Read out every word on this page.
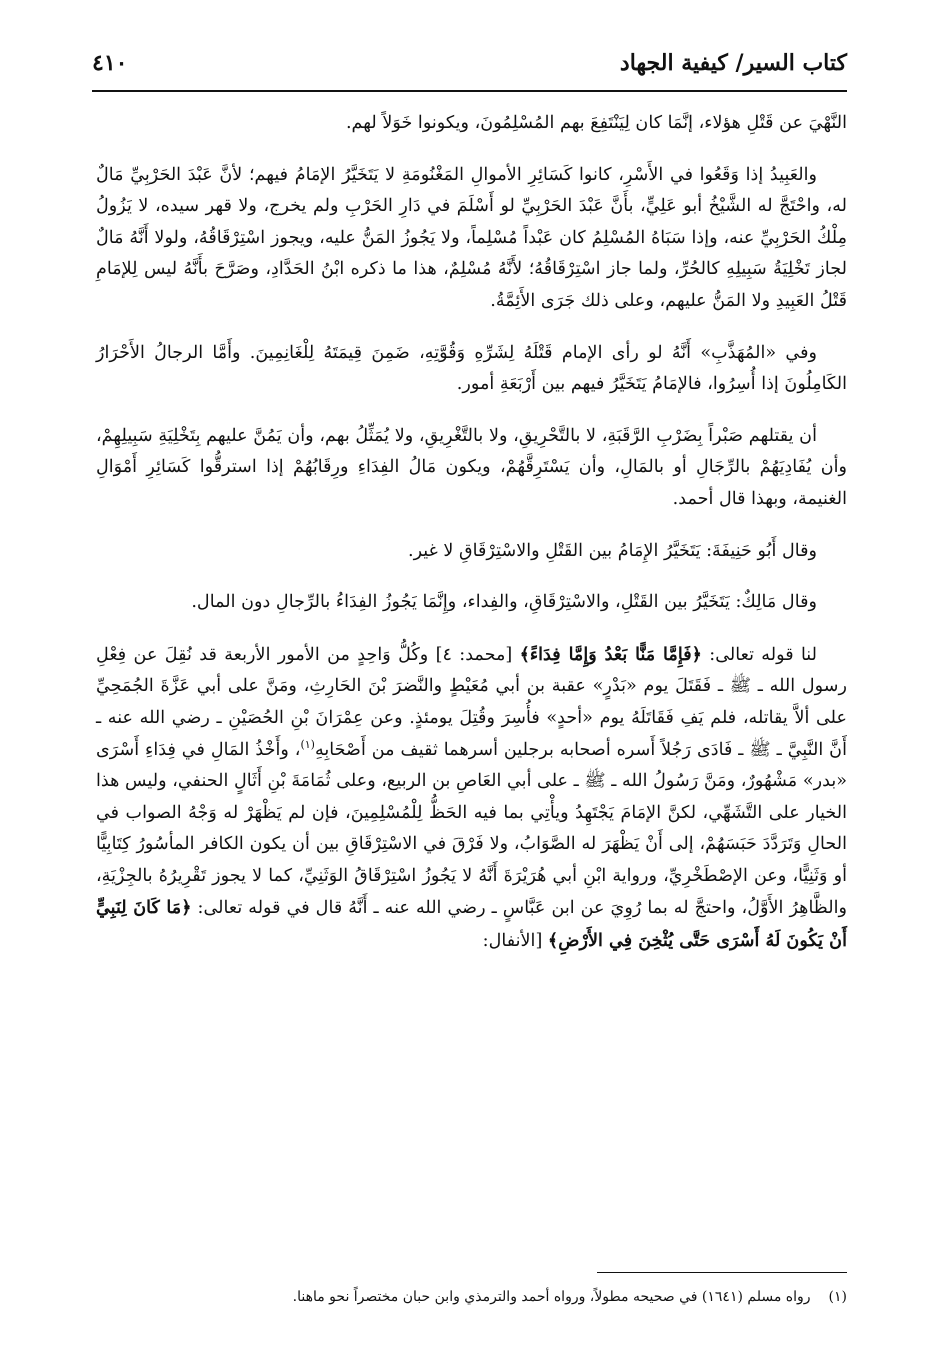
كتاب السير/ كيفية الجهاد
٤١٠

النَّهْيَ عن قَتْلِ هؤلاء، إنَّمَا كان لِيَنْتَفِعَ بهم المُسْلِمُونَ، ويكونوا خَوَلاً لهم.

والعَبِيدُ إذا وَقَعُوا في الأَسْرِ، كانوا كَسَائِرِ الأموالِ المَغْنُومَةِ لا يَتَخَيَّرُ الإمَامُ فيهم؛ لأنَّ عَبْدَ الحَرْبِيِّ مَالٌ له، واحْتَجَّ له الشَّيْخُ أبو عَلِيٍّ، بأَنَّ عَبْدَ الحَرْبِيِّ لو أَسْلَمَ في دَارِ الحَرْبِ ولم يخرج، ولا قهر سيده، لا يَزُولُ مِلْكُ الحَرْبِيِّ عنه، وإذا سَبَاهُ المُسْلِمُ كان عَبْداً مُسْلِماً، ولا يَجُوزُ المَنُّ عليه، ويجوز اسْتِرْقَاقُهُ، ولولا أَنَّهُ مَالٌ لجاز تَخْلِيَةُ سَبِيلِهِ كالحُرِّ، ولما جاز اسْتِرْقَاقُهُ؛ لأَنَّهُ مُسْلِمٌ، هذا ما ذكره ابْنُ الحَدَّادِ، وصَرَّحَ بأَنَّهُ ليس لِلإمَامِ قَتْلُ العَبِيدِ ولا المَنُّ عليهم، وعلى ذلك جَرَى الأَئِمَّةُ.

وفي «المُهَذَّبِ» أَنَّهُ لو رأى الإمام قَتْلَهُ لِشَرِّهِ وَقُوَّتِهِ، ضَمِنَ قِيمَتَهُ لِلْغَانِمِينَ. وأَمَّا الرجالُ الأَحْرَارُ الكَامِلُونَ إذا أُسِرُوا، فالإمَامُ يَتَخَيَّرُ فيهم بين أَرْبَعَةِ أمور.

أن يقتلهم صَبْراً بِضَرْبِ الرَّقَبَةِ، لا بالتَّحْرِيقِ، ولا بالتَّغْرِيقِ، ولا يُمَثِّلُ بهم، وأن يَمُنَّ عليهم بِتَخْلِيَةِ سَبِيلِهِمْ، وأن يُفَادِيَهُمْ بالرِّجَالِ أو بالمَالِ، وأن يَسْتَرِقَّهُمْ، ويكون مَالُ الفِدَاءِ ورِقَابُهُمْ إذا استرقُّوا كَسَائِرِ أَمْوَالِ الغنيمة، وبهذا قال أحمد.

وقال أَبُو حَنِيفَةَ: يَتَخَيَّرُ الإِمَامُ بين القَتْلِ والاسْتِرْقَاقِ لا غير.

وقال مَالِكٌ: يَتَخَيَّرُ بين القَتْلِ، والاسْتِرْقَاقِ، والفِداء، وإِنَّمَا يَجُوزُ الفِدَاءُ بالرِّجالِ دون المال.

لنا قوله تعالى: ﴿فَإِمَّا مَنًّا بَعْدُ وَإِمَّا فِدَاءً﴾ [محمد: ٤] وكُلُّ وَاحِدٍ من الأمور الأربعة قد نُقِلَ عن فِعْلِ رسول الله ـ ﷺ ـ فَقَتَلَ يوم «بَدْرٍ» عقبة بن أبي مُعَيْطٍ والنَّضرَ بْنَ الحَارِثِ، ومَنَّ على أبي عَزَّةَ الجُمَحِيِّ على ألاَّ يقاتله، فلم يَفِ فَقَاتَلَهُ يوم «أحدٍ» فأُسِرَ وقُتِلَ يومئذٍ. وعن عِمْرَانَ بْنِ الحُصَيْنِ ـ رضي الله عنه ـ أَنَّ النَّبِيَّ ـ ﷺ ـ فَادَى رَجُلاً أَسره أصحابه برجلين أسرهما ثقيف من أَصْحَابِهِ$^{(١)}$، وأَخْذُ المَالِ في فِدَاءِ أَسْرَى «بدر» مَشْهُورٌ، ومَنَّ رَسُولُ الله ـ ﷺ ـ على أبي العَاصِ بن الربيع، وعلى ثُمَامَةَ بْنِ أَثَالٍ الحنفي، وليس هذا الخيار على التَّشَهِّي، لكنَّ الإمَامَ يَجْتَهِدُ ويأْتِي بما فيه الحَظُّ لِلْمُسْلِمِينَ، فإن لم يَظْهَرْ له وَجْهُ الصواب في الحالِ وَتَرَدَّدَ حَبَسَهُمْ، إلى أَنْ يَظْهَرَ له الصَّوَابُ، ولا فَرْقَ في الاسْتِرْقَاقِ بين أن يكون الكافر المأسُورُ كِتَابِيًّا أو وَثَنِيًّا، وعن الإصْطَخْرِيِّ، ورواية ابْنِ أبي هُرَيْرَةَ أَنَّهُ لا يَجُوزُ اسْتِرْقَاقُ الوَثَنِيِّ، كما لا يجوز تَقْرِيرُهُ بالجِزْيَةِ، والظَّاهِرُ الأَوَّلُ، واحتجَّ له بما رُوِيَ عن ابن عَبَّاسٍ ـ رضي الله عنه ـ أَنَّهُ قال في قوله تعالى: ﴿مَا كَانَ لِنَبِيٍّ أَنْ يَكُونَ لَهُ أَسْرَى حَتَّى يُثْخِنَ فِي الأَرْضِ﴾ [الأنفال:

(١)رواه مسلم (١٦٤١) في صحيحه مطولاً، ورواه أحمد والترمذي وابن حبان مختصراً نحو ماهنا.
